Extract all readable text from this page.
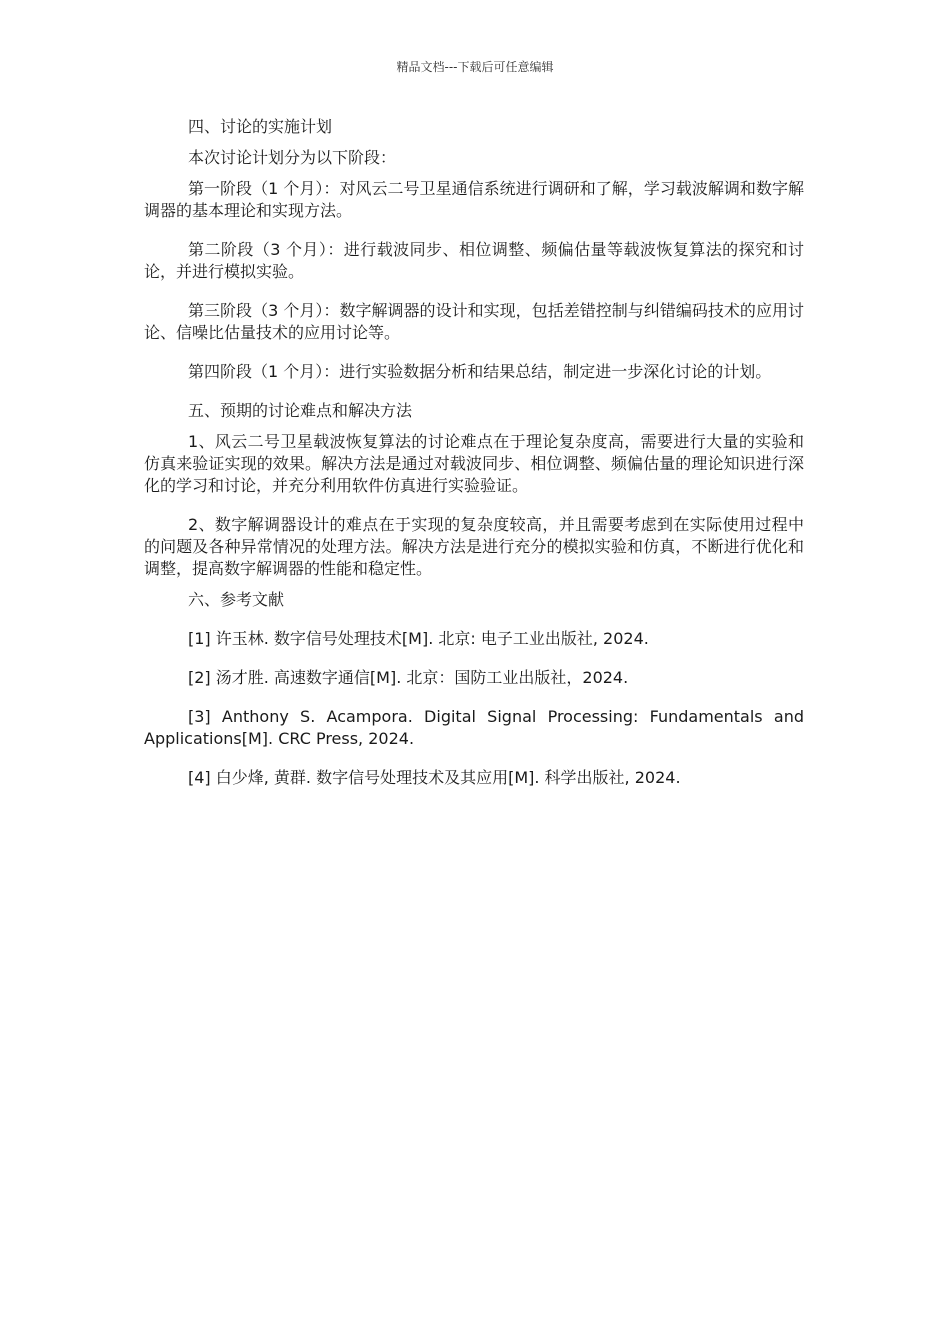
精品文档---下载后可任意编辑

四、讨论的实施计划

本次讨论计划分为以下阶段：

第一阶段（1 个月）：对风云二号卫星通信系统进行调研和了解，学习载波解调和数字解调器的基本理论和实现方法。

第二阶段（3 个月）：进行载波同步、相位调整、频偏估量等载波恢复算法的探究和讨论，并进行模拟实验。

第三阶段（3 个月）：数字解调器的设计和实现，包括差错控制与纠错编码技术的应用讨论、信噪比估量技术的应用讨论等。

第四阶段（1 个月）：进行实验数据分析和结果总结，制定进一步深化讨论的计划。

五、预期的讨论难点和解决方法

1、风云二号卫星载波恢复算法的讨论难点在于理论复杂度高，需要进行大量的实验和仿真来验证实现的效果。解决方法是通过对载波同步、相位调整、频偏估量的理论知识进行深化的学习和讨论，并充分利用软件仿真进行实验验证。

2、数字解调器设计的难点在于实现的复杂度较高，并且需要考虑到在实际使用过程中的问题及各种异常情况的处理方法。解决方法是进行充分的模拟实验和仿真，不断进行优化和调整，提高数字解调器的性能和稳定性。

六、参考文献

[1] 许玉林. 数字信号处理技术[M]. 北京: 电子工业出版社, 2024.

[2] 汤才胜. 高速数字通信[M]. 北京：国防工业出版社，2024.

[3] Anthony S. Acampora. Digital Signal Processing: Fundamentals and Applications[M]. CRC Press, 2024.

[4] 白少烽, 黄群. 数字信号处理技术及其应用[M]. 科学出版社, 2024.
